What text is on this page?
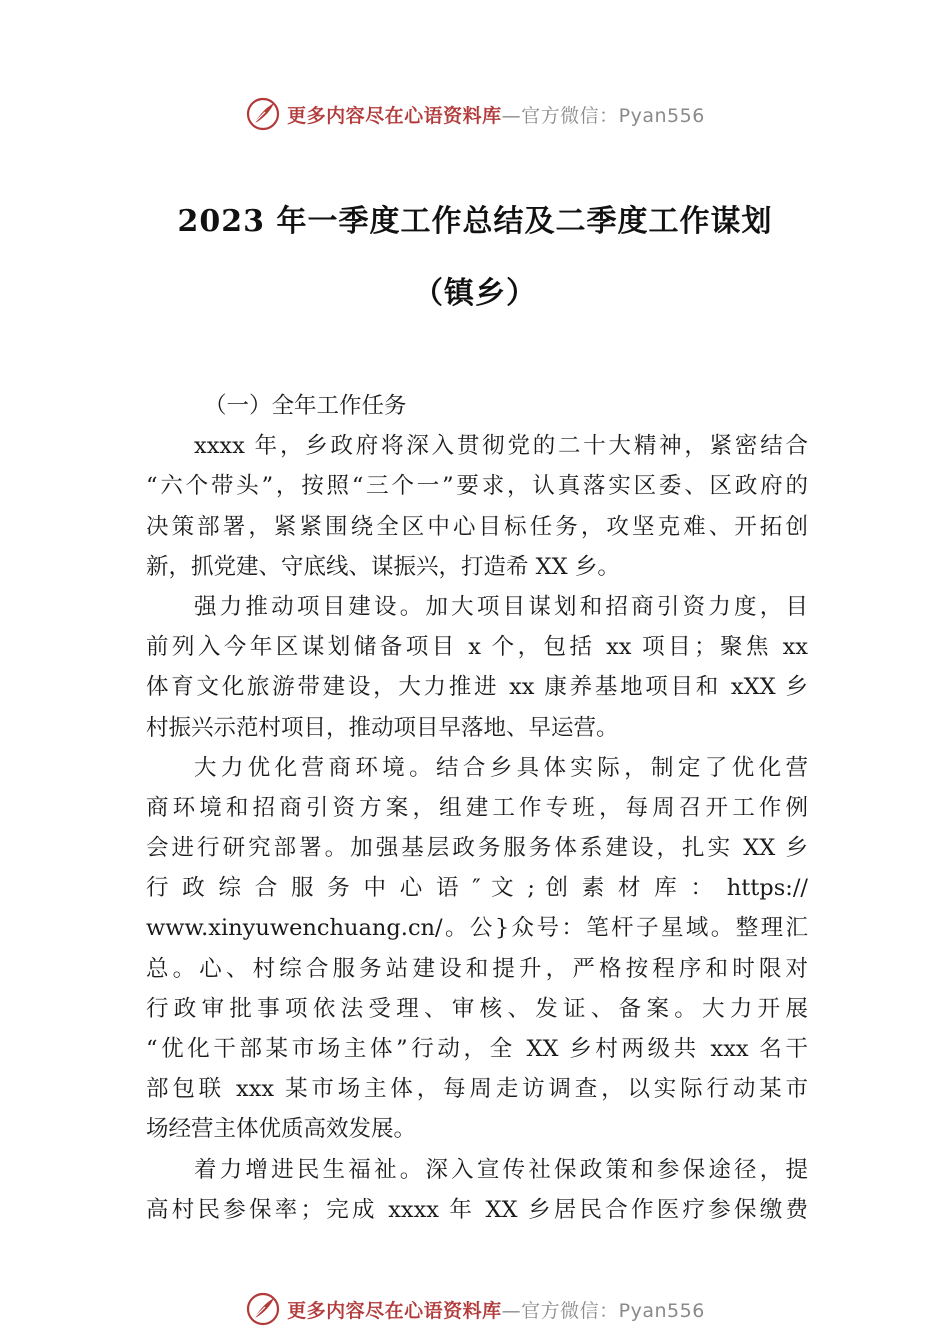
更多内容尽在心语资料库—官方微信：Pyan556
2023 年一季度工作总结及二季度工作谋划
（镇乡）
（一）全年工作任务
xxxx 年，乡政府将深入贯彻党的二十大精神，紧密结合
“六个带头”，按照“三个一”要求，认真落实区委、区政府的
决策部署，紧紧围绕全区中心目标任务，攻坚克难、开拓创
新，抓党建、守底线、谋振兴，打造希 XX 乡。
强力推动项目建设。加大项目谋划和招商引资力度，目
前列入今年区谋划储备项目 x 个，包括 xx 项目；聚焦 xx
体育文化旅游带建设，大力推进 xx 康养基地项目和 xXX 乡
村振兴示范村项目，推动项目早落地、早运营。
大力优化营商环境。结合乡具体实际，制定了优化营
商环境和招商引资方案，组建工作专班，每周召开工作例
会进行研究部署。加强基层政务服务体系建设，扎实 XX 乡
行 政 综 合 服 务 中 心 语 ″ 文 ; 创 素 材 库 ： https://
www.xinyuwenchuang.cn/。公}众号：笔杆子星域。整理汇
总。心、村综合服务站建设和提升，严格按程序和时限对
行政审批事项依法受理、审核、发证、备案。大力开展
“优化干部某市场主体”行动，全 XX 乡村两级共 xxx 名干
部包联 xxx 某市场主体，每周走访调查，以实际行动某市
场经营主体优质高效发展。
着力增进民生福祉。深入宣传社保政策和参保途径，提
高村民参保率；完成 xxxx 年 XX 乡居民合作医疗参保缴费
更多内容尽在心语资料库—官方微信：Pyan556
